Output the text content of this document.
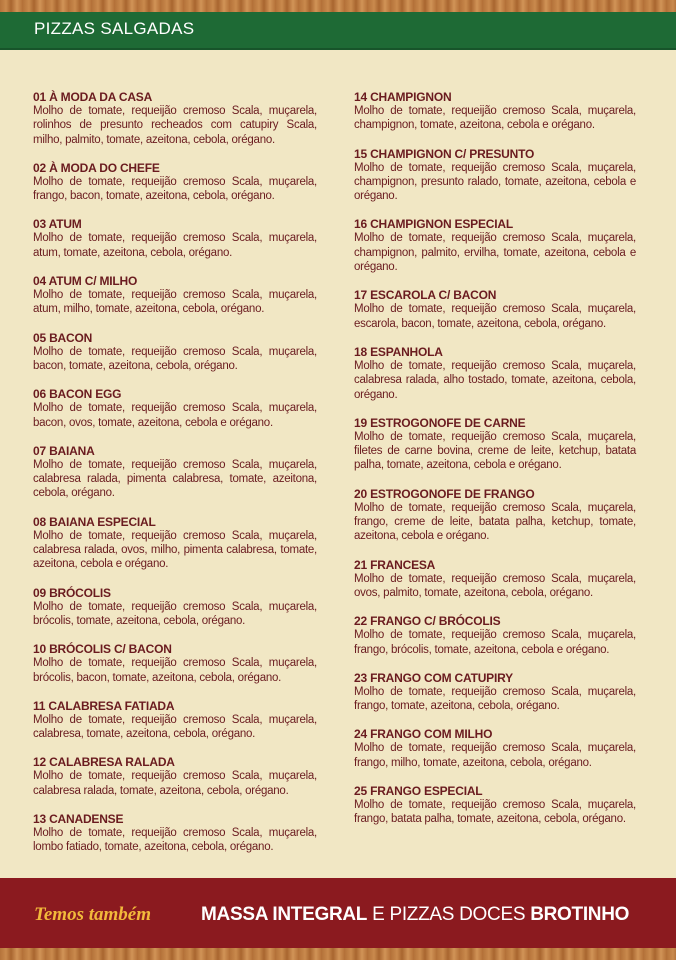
PIZZAS SALGADAS
01 À MODA DA CASA
Molho de tomate, requeijão cremoso Scala, muçarela, rolinhos de presunto recheados com catupiry Scala, milho, palmito, tomate, azeitona, cebola, orégano.
02 À MODA DO CHEFE
Molho de tomate, requeijão cremoso Scala, muçarela, frango, bacon, tomate, azeitona, cebola, orégano.
03 ATUM
Molho de tomate, requeijão cremoso Scala, muçarela, atum, tomate, azeitona, cebola, orégano.
04 ATUM C/ MILHO
Molho de tomate, requeijão cremoso Scala, muçarela, atum, milho, tomate, azeitona, cebola, orégano.
05 BACON
Molho de tomate, requeijão cremoso Scala, muçarela, bacon, tomate, azeitona, cebola, orégano.
06 BACON EGG
Molho de tomate, requeijão cremoso Scala, muçarela, bacon, ovos, tomate, azeitona, cebola e orégano.
07 BAIANA
Molho de tomate, requeijão cremoso Scala, muçarela, calabresa ralada, pimenta calabresa, tomate, azeitona, cebola, orégano.
08 BAIANA ESPECIAL
Molho de tomate, requeijão cremoso Scala, muçarela, calabresa ralada, ovos, milho, pimenta calabresa, tomate, azeitona, cebola e orégano.
09 BRÓCOLIS
Molho de tomate, requeijão cremoso Scala, muçarela, brócolis, tomate, azeitona, cebola, orégano.
10 BRÓCOLIS C/ BACON
Molho de tomate, requeijão cremoso Scala, muçarela, brócolis, bacon, tomate, azeitona, cebola, orégano.
11 CALABRESA FATIADA
Molho de tomate, requeijão cremoso Scala, muçarela, calabresa, tomate, azeitona, cebola, orégano.
12 CALABRESA RALADA
Molho de tomate, requeijão cremoso Scala, muçarela, calabresa ralada, tomate, azeitona, cebola, orégano.
13 CANADENSE
Molho de tomate, requeijão cremoso Scala, muçarela, lombo fatiado, tomate, azeitona, cebola, orégano.
14 CHAMPIGNON
Molho de tomate, requeijão cremoso Scala, muçarela, champignon, tomate, azeitona, cebola e orégano.
15 CHAMPIGNON C/ PRESUNTO
Molho de tomate, requeijão cremoso Scala, muçarela, champignon, presunto ralado, tomate, azeitona, cebola e orégano.
16 CHAMPIGNON ESPECIAL
Molho de tomate, requeijão cremoso Scala, muçarela, champignon, palmito, ervilha, tomate, azeitona, cebola e orégano.
17 ESCAROLA C/ BACON
Molho de tomate, requeijão cremoso Scala, muçarela, escarola, bacon, tomate, azeitona, cebola, orégano.
18 ESPANHOLA
Molho de tomate, requeijão cremoso Scala, muçarela, calabresa ralada, alho tostado, tomate, azeitona, cebola, orégano.
19 ESTROGONOFE DE CARNE
Molho de tomate, requeijão cremoso Scala, muçarela, filetes de carne bovina, creme de leite, ketchup, batata palha, tomate, azeitona, cebola e orégano.
20 ESTROGONOFE DE FRANGO
Molho de tomate, requeijão cremoso Scala, muçarela, frango, creme de leite, batata palha, ketchup, tomate, azeitona, cebola e orégano.
21 FRANCESA
Molho de tomate, requeijão cremoso Scala, muçarela, ovos, palmito, tomate, azeitona, cebola, orégano.
22 FRANGO C/ BRÓCOLIS
Molho de tomate, requeijão cremoso Scala, muçarela, frango, brócolis, tomate, azeitona, cebola e orégano.
23 FRANGO COM CATUPIRY
Molho de tomate, requeijão cremoso Scala, muçarela, frango, tomate, azeitona, cebola, orégano.
24 FRANGO COM MILHO
Molho de tomate, requeijão cremoso Scala, muçarela, frango, milho, tomate, azeitona, cebola, orégano.
25 FRANGO ESPECIAL
Molho de tomate, requeijão cremoso Scala, muçarela, frango, batata palha, tomate, azeitona, cebola, orégano.
Temos também	MASSA INTEGRAL E PIZZAS DOCES BROTINHO
